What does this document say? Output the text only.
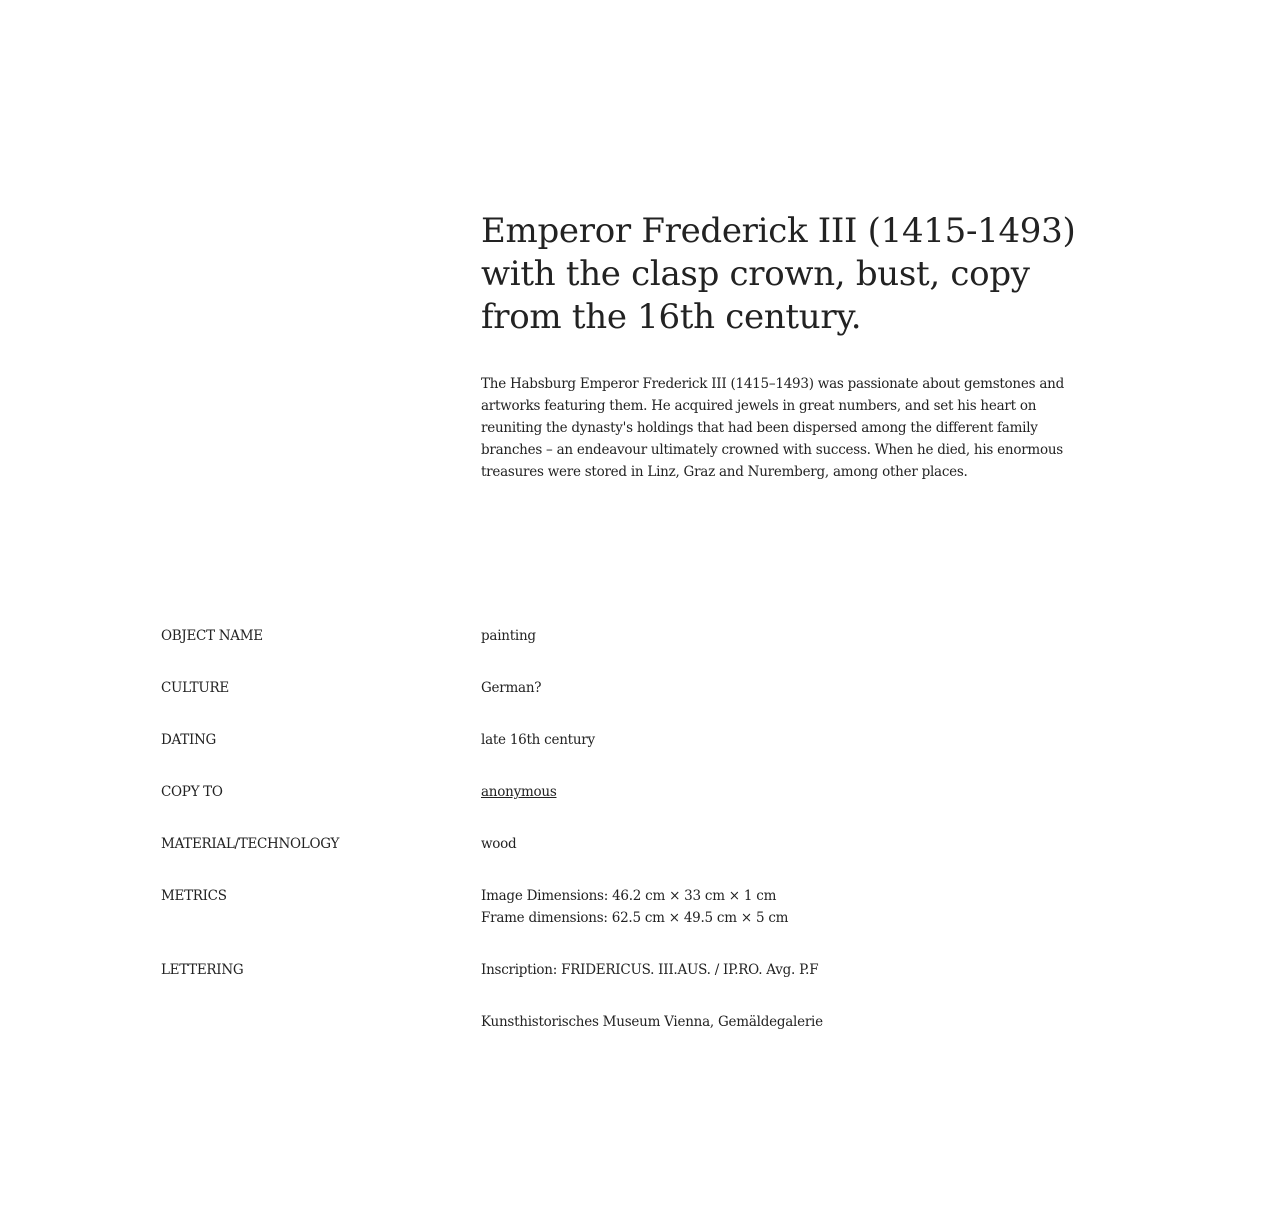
Emperor Frederick III (1415-1493) with the clasp crown, bust, copy from the 16th century.

The Habsburg Emperor Frederick III (1415–1493) was passionate about gemstones and artworks featuring them. He acquired jewels in great numbers, and set his heart on reuniting the dynasty's holdings that had been dispersed among the different family branches – an endeavour ultimately crowned with success. When he died, his enormous treasures were stored in Linz, Graz and Nuremberg, among other places.

OBJECT NAME	painting
CULTURE	German?
DATING	late 16th century
COPY TO	anonymous
MATERIAL/TECHNOLOGY	wood
METRICS	Image Dimensions: 46.2 cm × 33 cm × 1 cm
Frame dimensions: 62.5 cm × 49.5 cm × 5 cm
LETTERING	Inscription: FRIDERICUS. III.AUS. / IP.RO. Avg. P.F
Kunsthistorisches Museum Vienna, Gemäldegalerie
